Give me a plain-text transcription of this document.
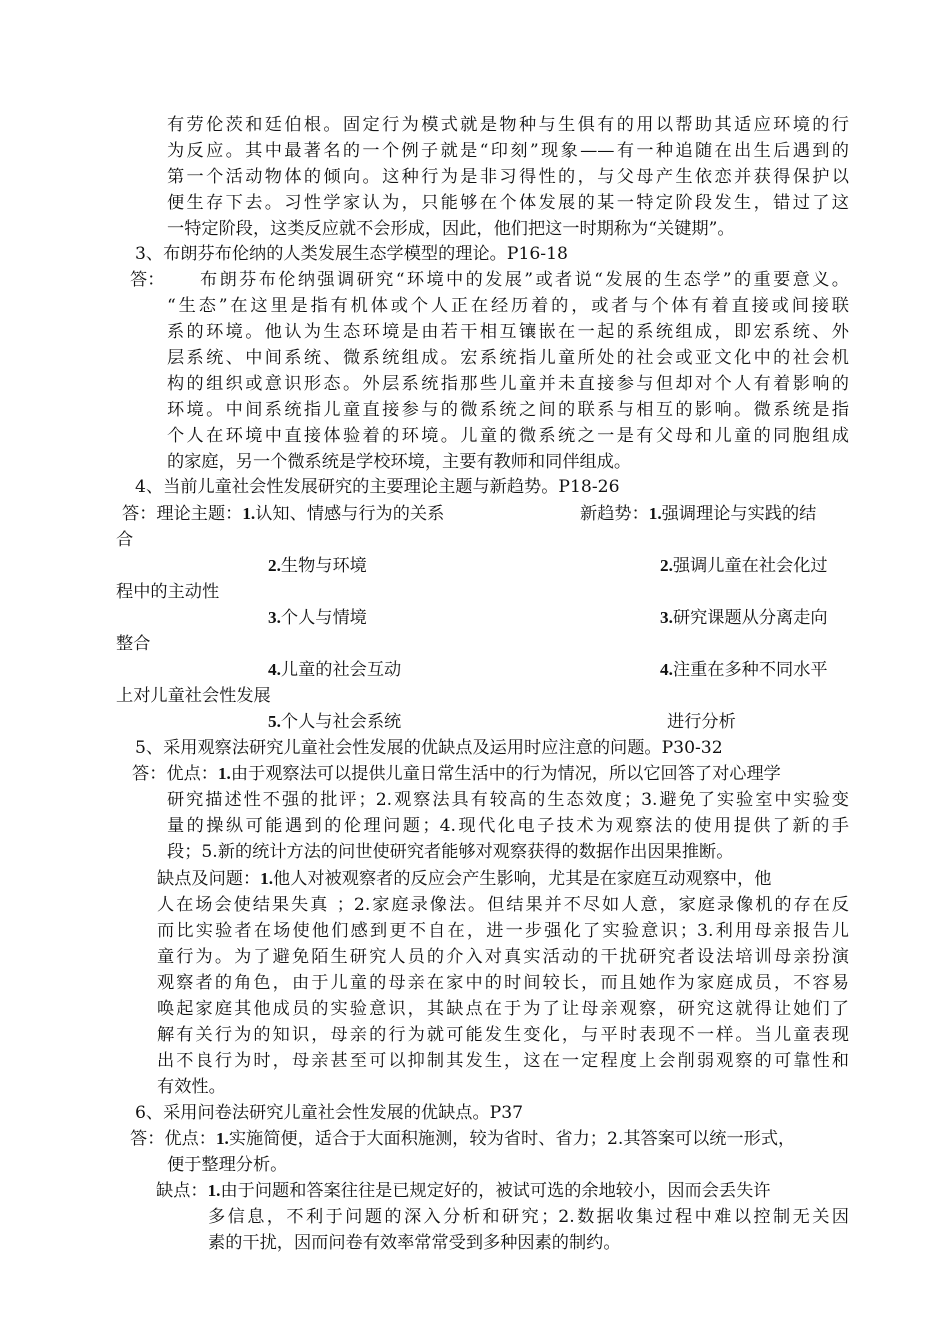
有劳伦茨和廷伯根。固定行为模式就是物种与生俱有的用以帮助其适应环境的行
为反应。其中最著名的一个例子就是“印刻”现象——有一种追随在出生后遇到的
第一个活动物体的倾向。这种行为是非习得性的，与父母产生依恋并获得保护以
便生存下去。习性学家认为，只能够在个体发展的某一特定阶段发生，错过了这
一特定阶段，这类反应就不会形成，因此，他们把这一时期称为“关键期”。
3、布朗芬布伦纳的人类发展生态学模型的理论。P16-18
答： 布朗芬布伦纳强调研究“环境中的发展”或者说“发展的生态学”的重要意义。
“生态”在这里是指有机体或个人正在经历着的，或者与个体有着直接或间接联
系的环境。他认为生态环境是由若干相互镶嵌在一起的系统组成，即宏系统、外
层系统、中间系统、微系统组成。宏系统指儿童所处的社会或亚文化中的社会机
构的组织或意识形态。外层系统指那些儿童并未直接参与但却对个人有着影响的
环境。中间系统指儿童直接参与的微系统之间的联系与相互的影响。微系统是指
个人在环境中直接体验着的环境。儿童的微系统之一是有父母和儿童的同胞组成
的家庭，另一个微系统是学校环境，主要有教师和同伴组成。
4、当前儿童社会性发展研究的主要理论主题与新趋势。P18-26
答：理论主题：1.认知、情感与行为的关系	新趋势：1.强调理论与实践的结
合
2.生物与环境	2.强调儿童在社会化过
程中的主动性
3.个人与情境	3.研究课题从分离走向
整合
4.儿童的社会互动	4.注重在多种不同水平
上对儿童社会性发展
5.个人与社会系统	进行分析
5、采用观察法研究儿童社会性发展的优缺点及运用时应注意的问题。P30-32
答：优点：1.由于观察法可以提供儿童日常生活中的行为情况，所以它回答了对心理学
研究描述性不强的批评；2.观察法具有较高的生态效度；3.避免了实验室中实验变
量的操纵可能遇到的伦理问题；4.现代化电子技术为观察法的使用提供了新的手
段；5.新的统计方法的问世使研究者能够对观察获得的数据作出因果推断。
缺点及问题：1.他人对被观察者的反应会产生影响，尤其是在家庭互动观察中，他
人在场会使结果失真 ；2.家庭录像法。但结果并不尽如人意，家庭录像机的存在反
而比实验者在场使他们感到更不自在，进一步强化了实验意识；3.利用母亲报告儿
童行为。为了避免陌生研究人员的介入对真实活动的干扰研究者设法培训母亲扮演
观察者的角色，由于儿童的母亲在家中的时间较长，而且她作为家庭成员，不容易
唤起家庭其他成员的实验意识，其缺点在于为了让母亲观察，研究这就得让她们了
解有关行为的知识，母亲的行为就可能发生变化，与平时表现不一样。当儿童表现
出不良行为时，母亲甚至可以抑制其发生，这在一定程度上会削弱观察的可靠性和
有效性。
6、采用问卷法研究儿童社会性发展的优缺点。P37
答：优点：1.实施简便，适合于大面积施测，较为省时、省力；2.其答案可以统一形式，
便于整理分析。
缺点：1.由于问题和答案往往是已规定好的，被试可选的余地较小，因而会丢失许
多信息，不利于问题的深入分析和研究；2.数据收集过程中难以控制无关因
素的干扰，因而问卷有效率常常受到多种因素的制约。
